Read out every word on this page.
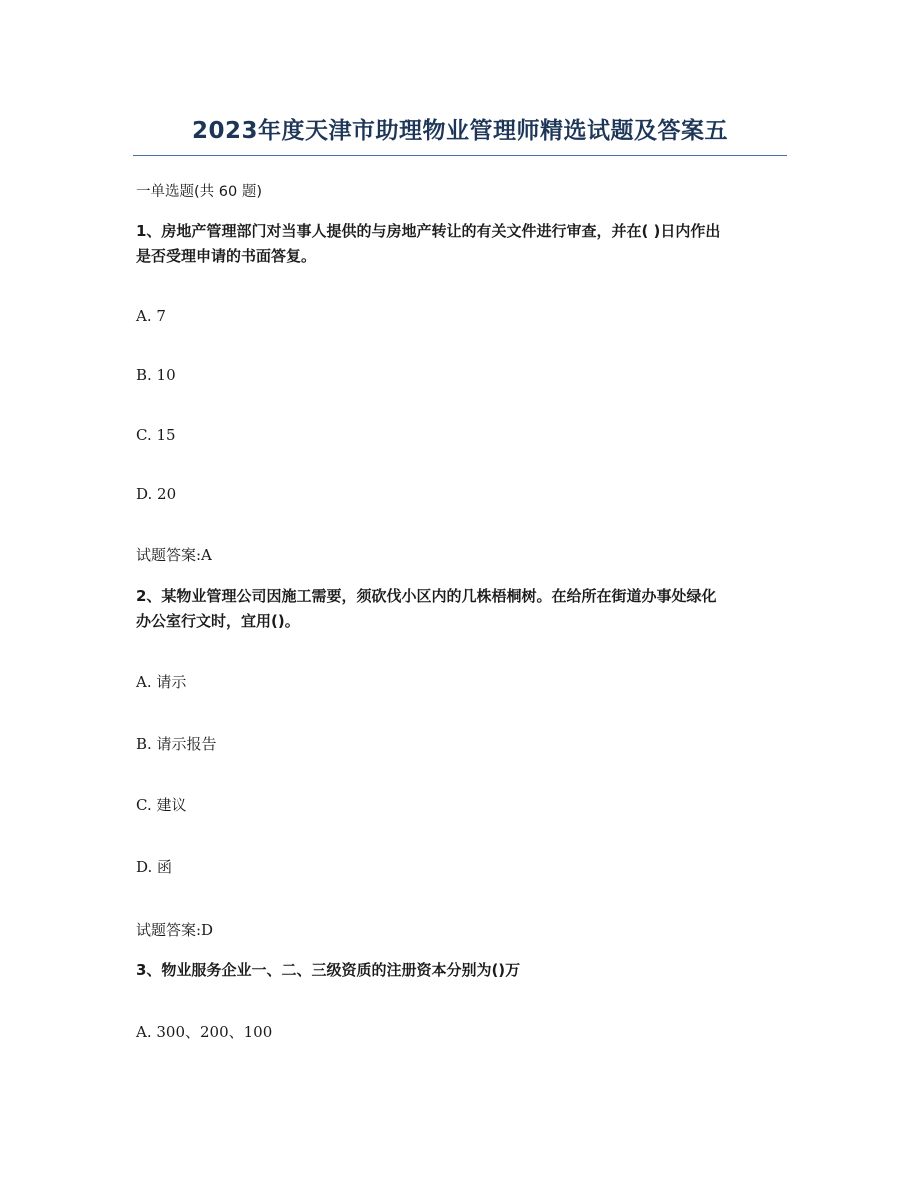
2023年度天津市助理物业管理师精选试题及答案五
一单选题(共 60 题)
1、房地产管理部门对当事人提供的与房地产转让的有关文件进行审查，并在( )日内作出
是否受理申请的书面答复。
A. 7
B. 10
C. 15
D. 20
试题答案:A
2、某物业管理公司因施工需要，须砍伐小区内的几株梧桐树。在给所在街道办事处绿化
办公室行文时，宜用()。
A. 请示
B. 请示报告
C. 建议
D. 函
试题答案:D
3、物业服务企业一、二、三级资质的注册资本分别为()万
A. 300、200、100
